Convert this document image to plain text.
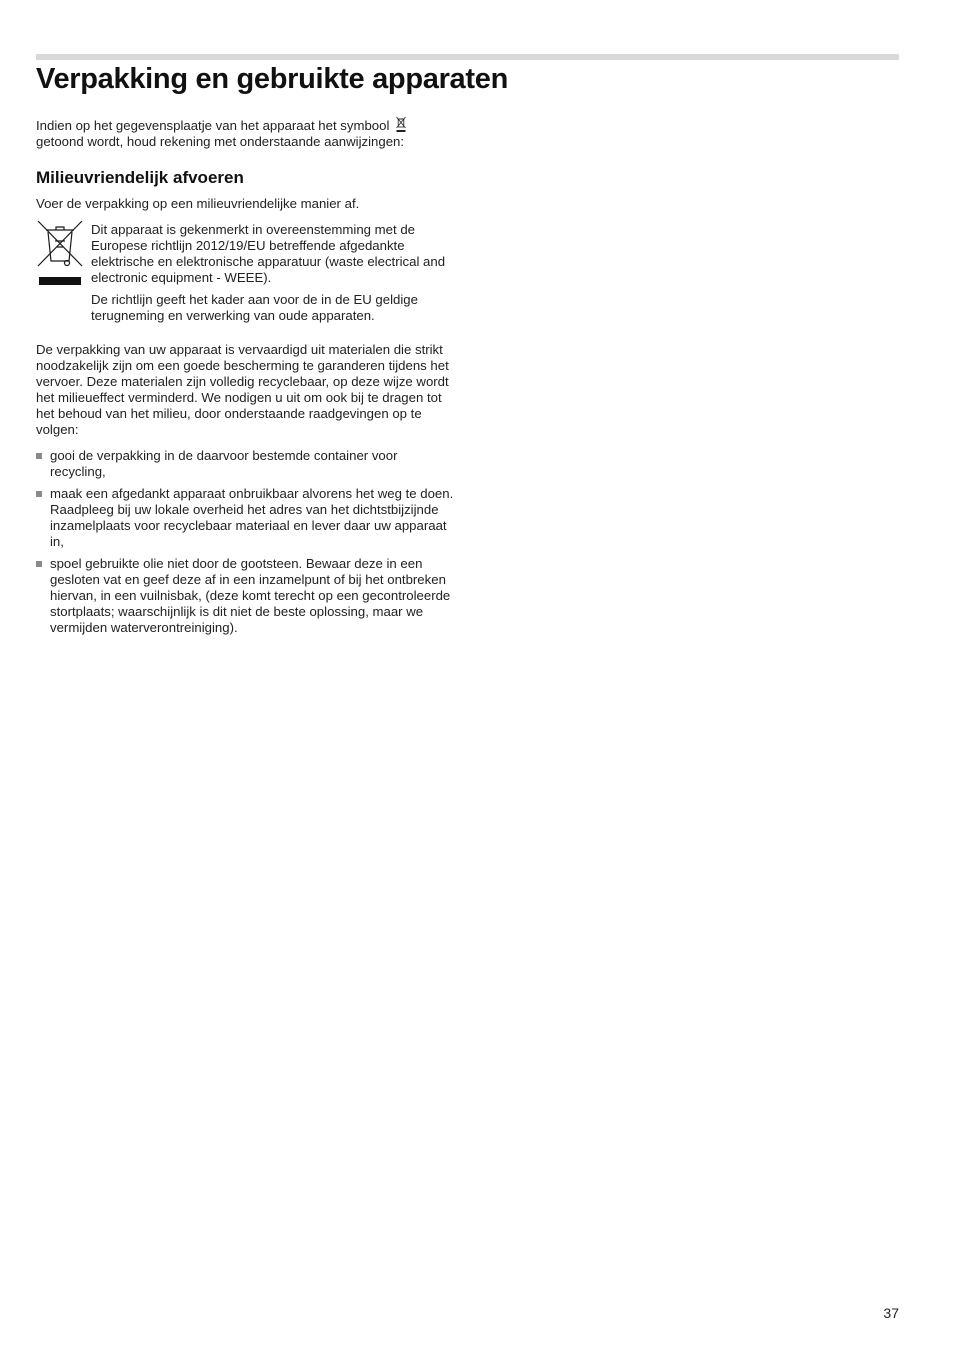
Verpakking en gebruikte apparaten

Indien op het gegevensplaatje van het apparaat het symbool
getoond wordt, houd rekening met onderstaande aanwijzingen:

Milieuvriendelijk afvoeren

Voer de verpakking op een milieuvriendelijke manier af.

Dit apparaat is gekenmerkt in overeenstemming met de Europese richtlijn 2012/19/EU betreffende afgedankte elektrische en elektronische apparatuur (waste electrical and electronic equipment - WEEE).

De richtlijn geeft het kader aan voor de in de EU geldige terugneming en verwerking van oude apparaten.

De verpakking van uw apparaat is vervaardigd uit materialen die strikt noodzakelijk zijn om een goede bescherming te garanderen tijdens het vervoer. Deze materialen zijn volledig recyclebaar, op deze wijze wordt het milieueffect verminderd. We nodigen u uit om ook bij te dragen tot het behoud van het milieu, door onderstaande raadgevingen op te volgen:

gooi de verpakking in de daarvoor bestemde container voor recycling,
maak een afgedankt apparaat onbruikbaar alvorens het weg te doen. Raadpleeg bij uw lokale overheid het adres van het dichtstbijzijnde inzamelplaats voor recyclebaar materiaal en lever daar uw apparaat in,
spoel gebruikte olie niet door de gootsteen. Bewaar deze in een gesloten vat en geef deze af in een inzamelpunt of bij het ontbreken hiervan, in een vuilnisbak, (deze komt terecht op een gecontroleerde stortplaats; waarschijnlijk is dit niet de beste oplossing, maar we vermijden waterverontreiniging).
37
